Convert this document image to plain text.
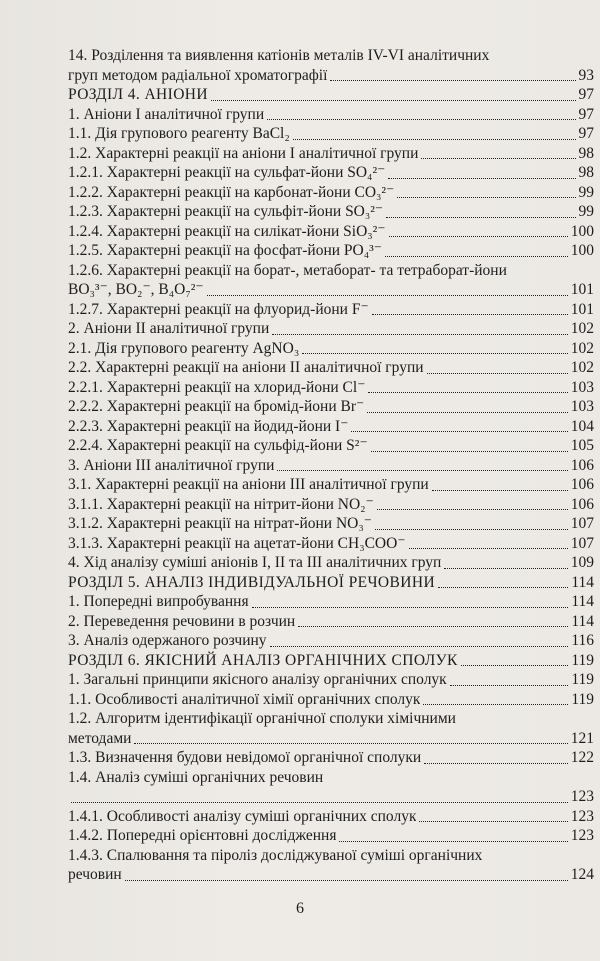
14. Розділення та виявлення катіонів металів IV-VI аналітичних
груп методом радіальної хроматографії	93
РОЗДІЛ 4. АНІОНИ	97
1. Аніони I аналітичної групи	97
1.1. Дія групового реагенту BaCl₂	97
1.2. Характерні реакції на аніони I аналітичної групи	98
1.2.1. Характерні реакції на сульфат-йони SO₄²⁻	98
1.2.2. Характерні реакції на карбонат-йони CO₃²⁻	99
1.2.3. Характерні реакції на сульфіт-йони SO₃²⁻	99
1.2.4. Характерні реакції на силікат-йони SiO₃²⁻	100
1.2.5. Характерні реакції на фосфат-йони PO₄³⁻	100
1.2.6. Характерні реакції на борат-, метаборат- та тетраборат-йони
BO₃³⁻, BO₂⁻, B₄O₇²⁻	101
1.2.7. Характерні реакції на флуорид-йони F⁻	101
2. Аніони II аналітичної групи	102
2.1. Дія групового реагенту AgNO₃	102
2.2. Характерні реакції на аніони II аналітичної групи	102
2.2.1. Характерні реакції на хлорид-йони Cl⁻	103
2.2.2. Характерні реакції на бромід-йони Br⁻	103
2.2.3. Характерні реакції на йодид-йони I⁻	104
2.2.4. Характерні реакції на сульфід-йони S²⁻	105
3. Аніони III аналітичної групи	106
3.1. Характерні реакції на аніони III аналітичної групи	106
3.1.1. Характерні реакції на нітрит-йони NO₂⁻	106
3.1.2. Характерні реакції на нітрат-йони NO₃⁻	107
3.1.3. Характерні реакції на ацетат-йони CH₃COO⁻	107
4. Хід аналізу суміші аніонів I, II та III аналітичних груп	109
РОЗДІЛ 5. АНАЛІЗ ІНДИВІДУАЛЬНОЇ РЕЧОВИНИ	114
1. Попередні випробування	114
2. Переведення речовини в розчин	114
3. Аналіз одержаного розчину	116
РОЗДІЛ 6. ЯКІСНИЙ АНАЛІЗ ОРГАНІЧНИХ СПОЛУК	119
1. Загальні принципи якісного аналізу органічних сполук	119
1.1. Особливості аналітичної хімії органічних сполук	119
1.2. Алгоритм ідентифікації органічної сполуки хімічними
методами	121
1.3. Визначення будови невідомої органічної сполуки	122
1.4. Аналіз суміші органічних речовин
123
1.4.1. Особливості аналізу суміші органічних сполук	123
1.4.2. Попередні орієнтовні дослідження	123
1.4.3. Спалювання та піроліз досліджуваної суміші органічних
речовин	124
6
